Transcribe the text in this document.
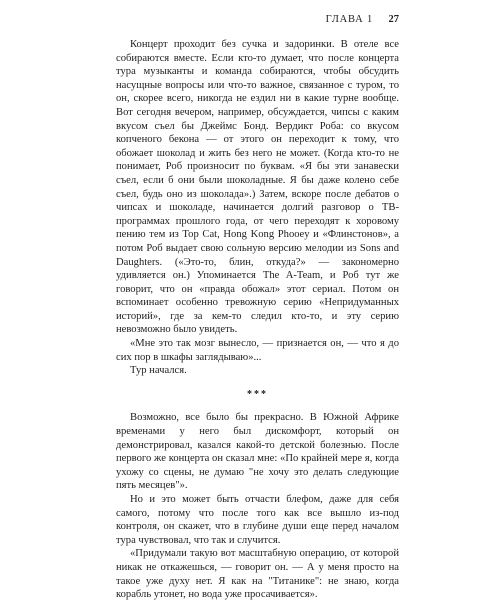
ГЛАВА 1 27

Концерт проходит без сучка и задоринки. В отеле все собираются вместе. Если кто-то думает, что после концерта тура музыканты и команда собираются, чтобы обсудить насущные вопросы или что-то важное, связанное с туром, то он, скорее всего, никогда не ездил ни в какие турне вообще. Вот сегодня вечером, например, обсуждается, чипсы с каким вкусом съел бы Джеймс Бонд. Вердикт Роба: со вкусом копченого бекона — от этого он переходит к тому, что обожает шоколад и жить без него не может. (Когда кто-то не понимает, Роб произносит по буквам. «Я бы эти занавески съел, если б они были шоколадные. Я бы даже колено себе съел, будь оно из шоколада».) Затем, вскоре после дебатов о чипсах и шоколаде, начинается долгий разговор о ТВ-программах прошлого года, от чего переходят к хоровому пению тем из Top Cat, Hong Kong Phooey и «Флинстонов», а потом Роб выдает свою сольную версию мелодии из Sons and Daughters. («Это-то, блин, откуда?» — закономерно удивляется он.) Упоминается The A-Team, и Роб тут же говорит, что он «правда обожал» этот сериал. Потом он вспоминает особенно тревожную серию «Непридуманных историй», где за кем-то следил кто-то, и эту серию невозможно было увидеть.

«Мне это так мозг вынесло, — признается он, — что я до сих пор в шкафы заглядываю»...

Тур начался.

***

Возможно, все было бы прекрасно. В Южной Африке временами у него был дискомфорт, который он демонстрировал, казался какой-то детской болезнью. После первого же концерта он сказал мне: «По крайней мере я, когда ухожу со сцены, не думаю "не хочу это делать следующие пять месяцев"».

Но и это может быть отчасти блефом, даже для себя самого, потому что после того как все вышло из-под контроля, он скажет, что в глубине души еще перед началом тура чувствовал, что так и случится.

«Придумали такую вот масштабную операцию, от которой никак не откажешься, — говорит он. — А у меня просто на такое уже духу нет. Я как на "Титанике": не знаю, когда корабль утонет, но вода уже просачивается».
